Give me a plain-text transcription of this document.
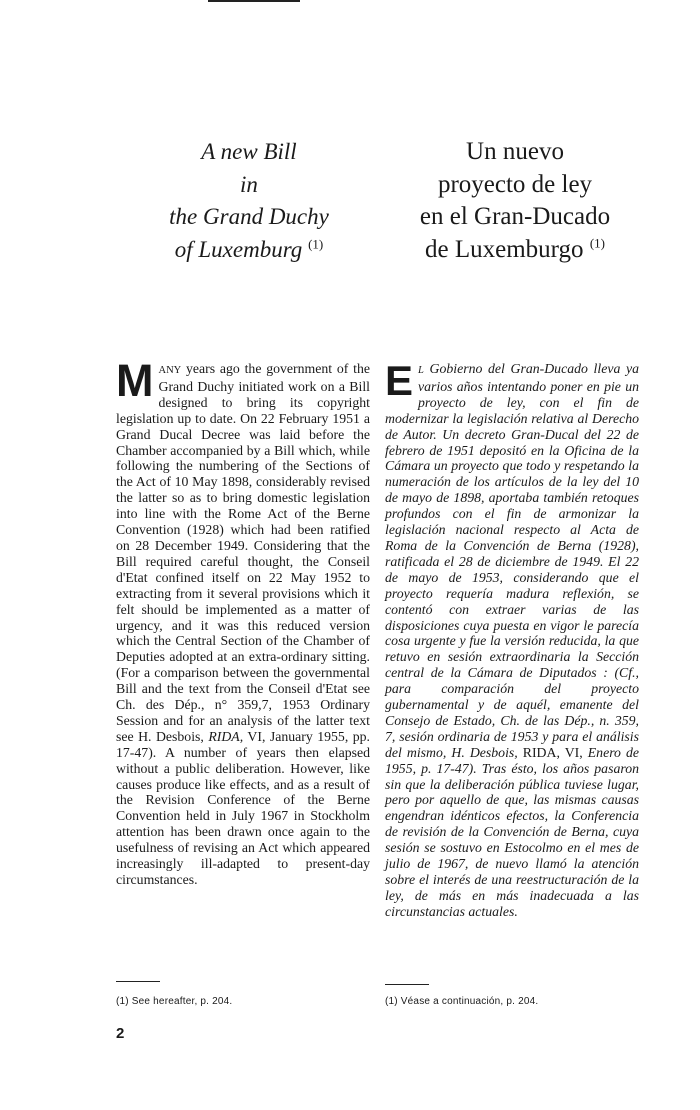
A new Bill
in
the Grand Duchy
of Luxemburg $^{(1)}$
Un nuevo
proyecto de ley
en el Gran-Ducado
de Luxemburgo $^{(1)}$
MANY years ago the government of the Grand Duchy initiated work on a Bill designed to bring its copyright legislation up to date. On 22 February 1951 a Grand Ducal Decree was laid before the Chamber accompanied by a Bill which, while following the numbering of the Sections of the Act of 10 May 1898, considerably revised the latter so as to bring domestic legislation into line with the Rome Act of the Berne Convention (1928) which had been ratified on 28 December 1949. Considering that the Bill required careful thought, the Conseil d'Etat confined itself on 22 May 1952 to extracting from it several provisions which it felt should be implemented as a matter of urgency, and it was this reduced version which the Central Section of the Chamber of Deputies adopted at an extra-ordinary sitting. (For a comparison between the governmental Bill and the text from the Conseil d'Etat see Ch. des Dép., n° 359,7, 1953 Ordinary Session and for an analysis of the latter text see H. Desbois, RIDA, VI, January 1955, pp. 17-47). A number of years then elapsed without a public deliberation. However, like causes produce like effects, and as a result of the Revision Conference of the Berne Convention held in July 1967 in Stockholm attention has been drawn once again to the usefulness of revising an Act which appeared increasingly ill-adapted to present-day circumstances.
E L Gobierno del Gran-Ducado lleva ya varios años intentando poner en pie un proyecto de ley, con el fin de modernizar la legislación relativa al Derecho de Autor. Un decreto Gran-Ducal del 22 de febrero de 1951 depositó en la Oficina de la Cámara un proyecto que todo y respetando la numeración de los artículos de la ley del 10 de mayo de 1898, aportaba también retoques profundos con el fin de armonizar la legislación nacional respecto al Acta de Roma de la Convención de Berna (1928), ratificada el 28 de diciembre de 1949. El 22 de mayo de 1953, considerando que el proyecto requería madura reflexión, se contentó con extraer varias de las disposiciones cuya puesta en vigor le parecía cosa urgente y fue la versión reducida, la que retuvo en sesión extraordinaria la Sección central de la Cámara de Diputados : (Cf., para comparación del proyecto gubernamental y de aquél, emanente del Consejo de Estado, Ch. de las Dép., n. 359, 7, sesión ordinaria de 1953 y para el análisis del mismo, H. Desbois, RIDA, VI, Enero de 1955, p. 17-47). Tras ésto, los años pasaron sin que la deliberación pública tuviese lugar, pero por aquello de que, las mismas causas engendran idénticos efectos, la Conferencia de revisión de la Convención de Berna, cuya sesión se sostuvo en Estocolmo en el mes de julio de 1967, de nuevo llamó la atención sobre el interés de una reestructuración de la ley, de más en más inadecuada a las circunstancias actuales.
(1) See hereafter, p. 204.	(1) Véase a continuación, p. 204.
2
